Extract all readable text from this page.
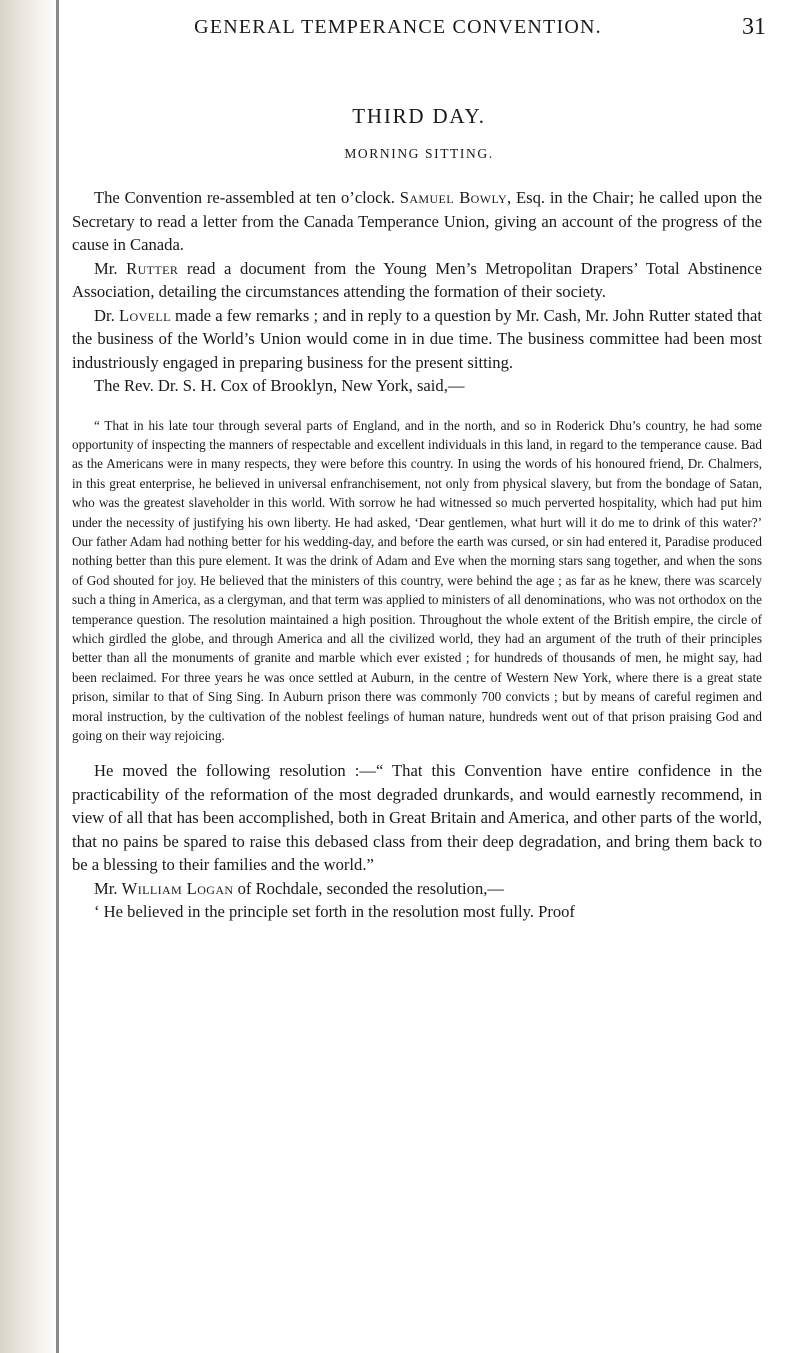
GENERAL TEMPERANCE CONVENTION.	31
THIRD DAY.
MORNING SITTING.

The Convention re-assembled at ten o’clock. Samuel Bowly, Esq. in the Chair; he called upon the Secretary to read a letter from the Canada Temperance Union, giving an account of the progress of the cause in Canada.

Mr. Rutter read a document from the Young Men’s Metropolitan Drapers’ Total Abstinence Association, detailing the circumstances attending the formation of their society.

Dr. Lovell made a few remarks ; and in reply to a question by Mr. Cash, Mr. John Rutter stated that the business of the World’s Union would come in in due time. The business committee had been most industriously engaged in preparing business for the present sitting.

The Rev. Dr. S. H. Cox of Brooklyn, New York, said,—

“ That in his late tour through several parts of England, and in the north, and so in Roderick Dhu’s country, he had some opportunity of inspecting the manners of respectable and excellent individuals in this land, in regard to the temperance cause. Bad as the Americans were in many respects, they were before this country. In using the words of his honoured friend, Dr. Chalmers, in this great enterprise, he believed in universal enfranchisement, not only from physical slavery, but from the bondage of Satan, who was the greatest slaveholder in this world. With sorrow he had witnessed so much perverted hospitality, which had put him under the necessity of justifying his own liberty. He had asked, ‘Dear gentlemen, what hurt will it do me to drink of this water?’ Our father Adam had nothing better for his wedding-day, and before the earth was cursed, or sin had entered it, Paradise produced nothing better than this pure element. It was the drink of Adam and Eve when the morning stars sang together, and when the sons of God shouted for joy. He believed that the ministers of this country, were behind the age ; as far as he knew, there was scarcely such a thing in America, as a clergyman, and that term was applied to ministers of all denominations, who was not orthodox on the temperance question. The resolution maintained a high position. Throughout the whole extent of the British empire, the circle of which girdled the globe, and through America and all the civilized world, they had an argument of the truth of their principles better than all the monuments of granite and marble which ever existed ; for hundreds of thousands of men, he might say, had been reclaimed. For three years he was once settled at Auburn, in the centre of Western New York, where there is a great state prison, similar to that of Sing Sing. In Auburn prison there was commonly 700 convicts ; but by means of careful regimen and moral instruction, by the cultivation of the noblest feelings of human nature, hundreds went out of that prison praising God and going on their way rejoicing.

He moved the following resolution :—“ That this Convention have entire confidence in the practicability of the reformation of the most degraded drunkards, and would earnestly recommend, in view of all that has been accomplished, both in Great Britain and America, and other parts of the world, that no pains be spared to raise this debased class from their deep degradation, and bring them back to be a blessing to their families and the world.”

Mr. William Logan of Rochdale, seconded the resolution,—

‘ He believed in the principle set forth in the resolution most fully. Proof
